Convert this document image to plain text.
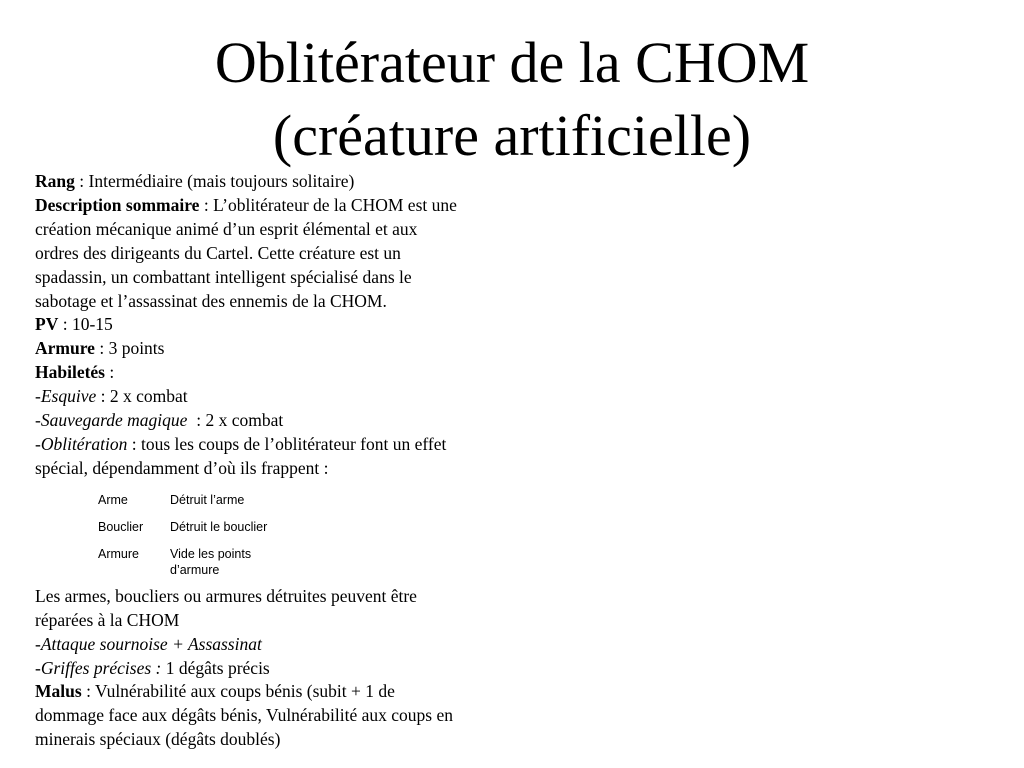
Oblitérateur de la CHOM
(créature artificielle)
Rang : Intermédiaire (mais toujours solitaire)
Description sommaire : L’oblitérateur de la CHOM est une
création mécanique animé d’un esprit élémental et aux
ordres des dirigeants du Cartel. Cette créature est un
spadassin, un combattant intelligent spécialisé dans le
sabotage et l’assassinat des ennemis de la CHOM.
PV : 10-15
Armure : 3 points
Habiletés :
-Esquive : 2 x combat
-Sauvegarde magique  : 2 x combat
-Oblitération : tous les coups de l’oblitérateur font un effet
spécial, dépendamment d’où ils frappent :
Arme	Détruit l’arme
Bouclier	Détruit le bouclier
Armure	Vide les points d’armure
Les armes, boucliers ou armures détruites peuvent être
réparées à la CHOM
-Attaque sournoise + Assassinat
-Griffes précises : 1 dégâts précis
Malus : Vulnérabilité aux coups bénis (subit + 1 de
dommage face aux dégâts bénis, Vulnérabilité aux coups en
minerais spéciaux (dégâts doublés)
